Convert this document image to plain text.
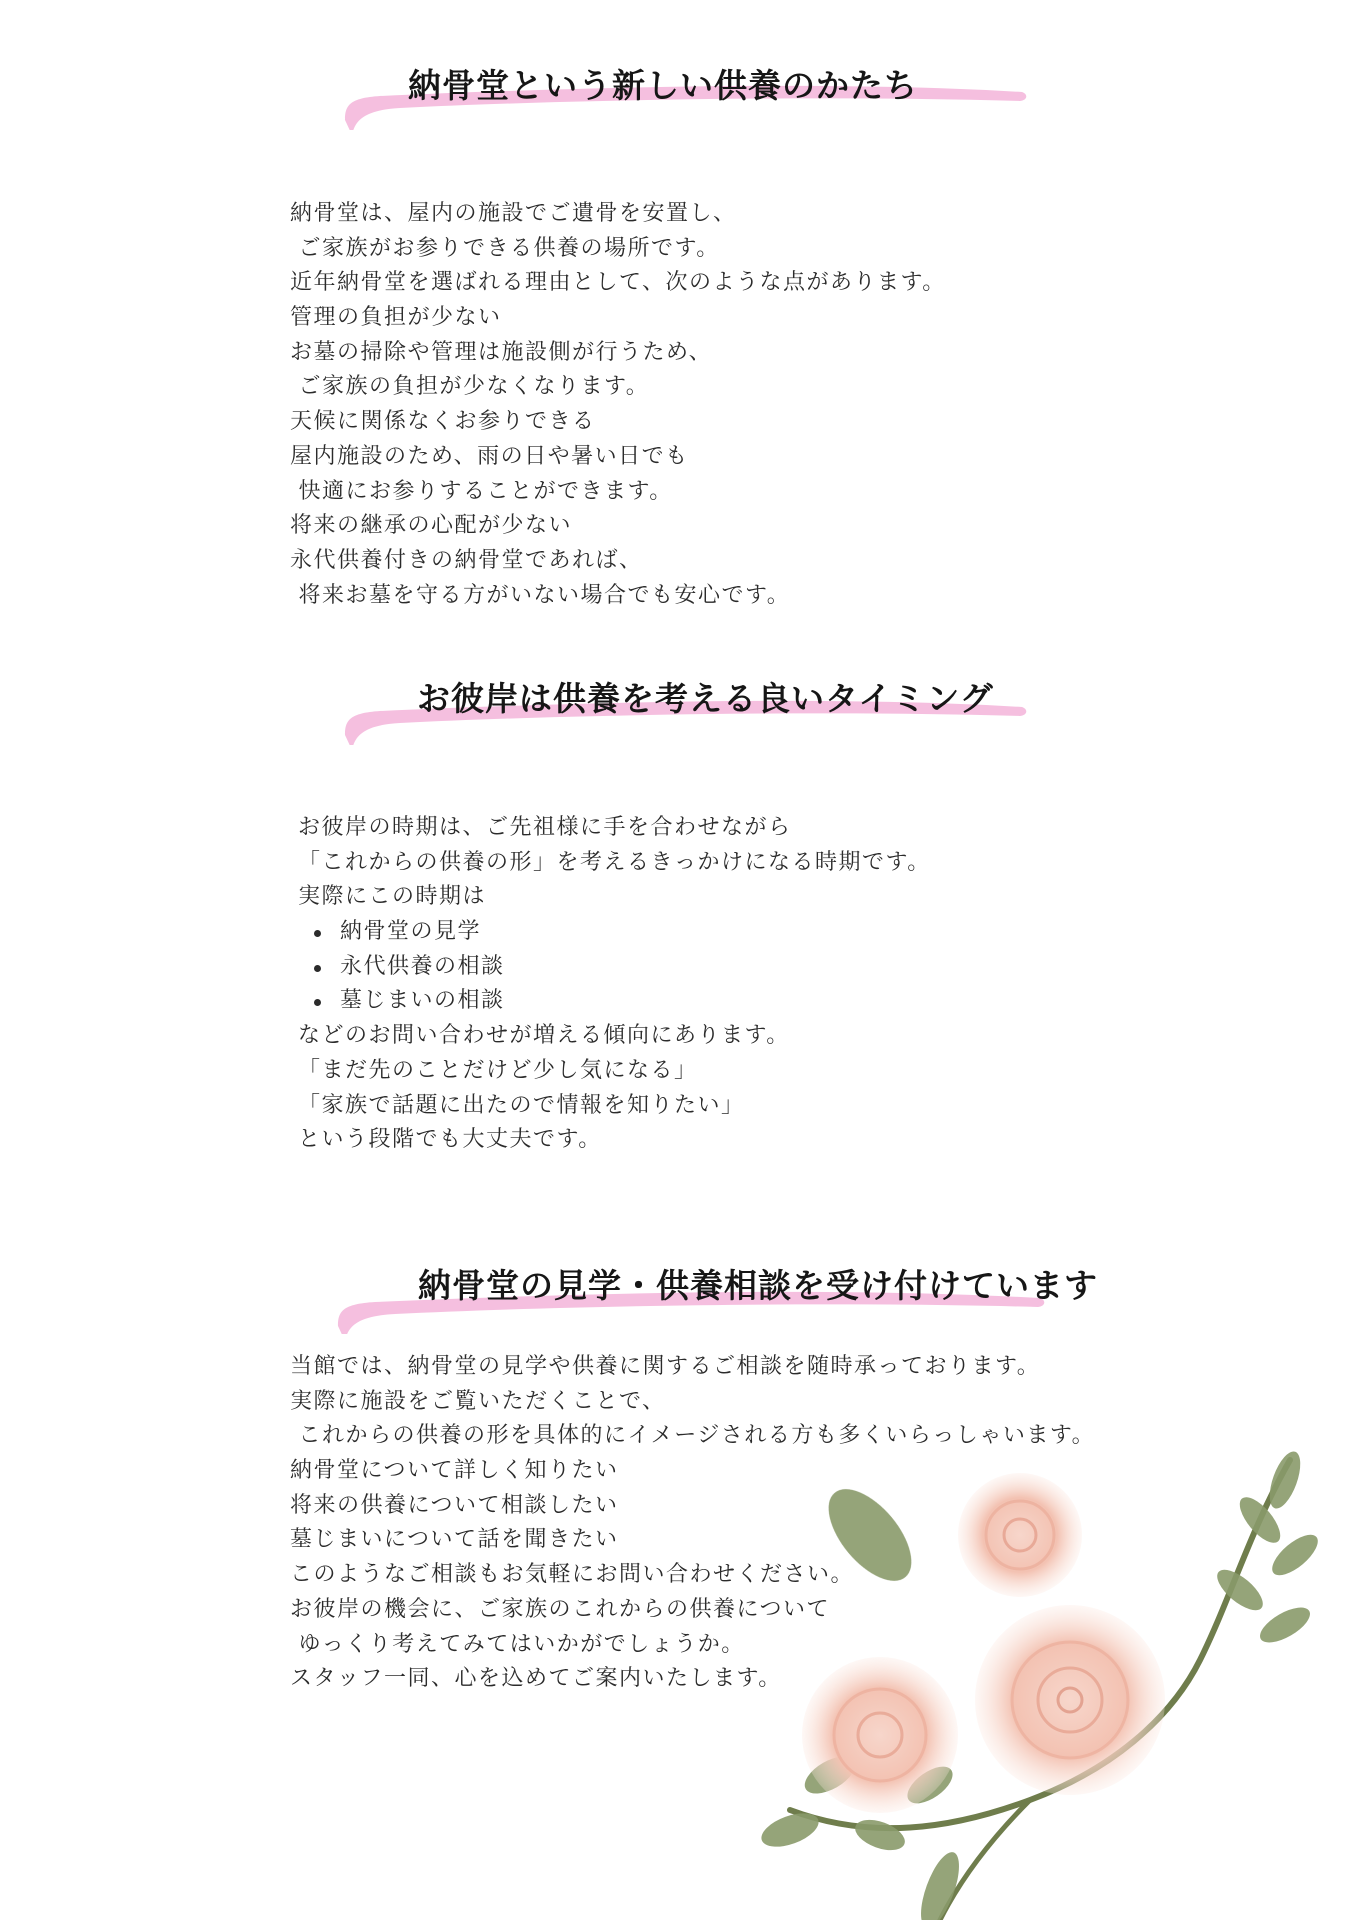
納骨堂という新しい供養のかたち
納骨堂は、屋内の施設でご遺骨を安置し、
ご家族がお参りできる供養の場所です。
近年納骨堂を選ばれる理由として、次のような点があります。
管理の負担が少ない
お墓の掃除や管理は施設側が行うため、
ご家族の負担が少なくなります。
天候に関係なくお参りできる
屋内施設のため、雨の日や暑い日でも
快適にお参りすることができます。
将来の継承の心配が少ない
永代供養付きの納骨堂であれば、
将来お墓を守る方がいない場合でも安心です。
お彼岸は供養を考える良いタイミング
お彼岸の時期は、ご先祖様に手を合わせながら
「これからの供養の形」を考えるきっかけになる時期です。
実際にこの時期は
納骨堂の見学
永代供養の相談
墓じまいの相談
などのお問い合わせが増える傾向にあります。
「まだ先のことだけど少し気になる」
「家族で話題に出たので情報を知りたい」
という段階でも大丈夫です。
納骨堂の見学・供養相談を受け付けています
当館では、納骨堂の見学や供養に関するご相談を随時承っております。
実際に施設をご覧いただくことで、
これからの供養の形を具体的にイメージされる方も多くいらっしゃいます。
納骨堂について詳しく知りたい
将来の供養について相談したい
墓じまいについて話を聞きたい
このようなご相談もお気軽にお問い合わせください。
お彼岸の機会に、ご家族のこれからの供養について
ゆっくり考えてみてはいかがでしょうか。
スタッフ一同、心を込めてご案内いたします。
